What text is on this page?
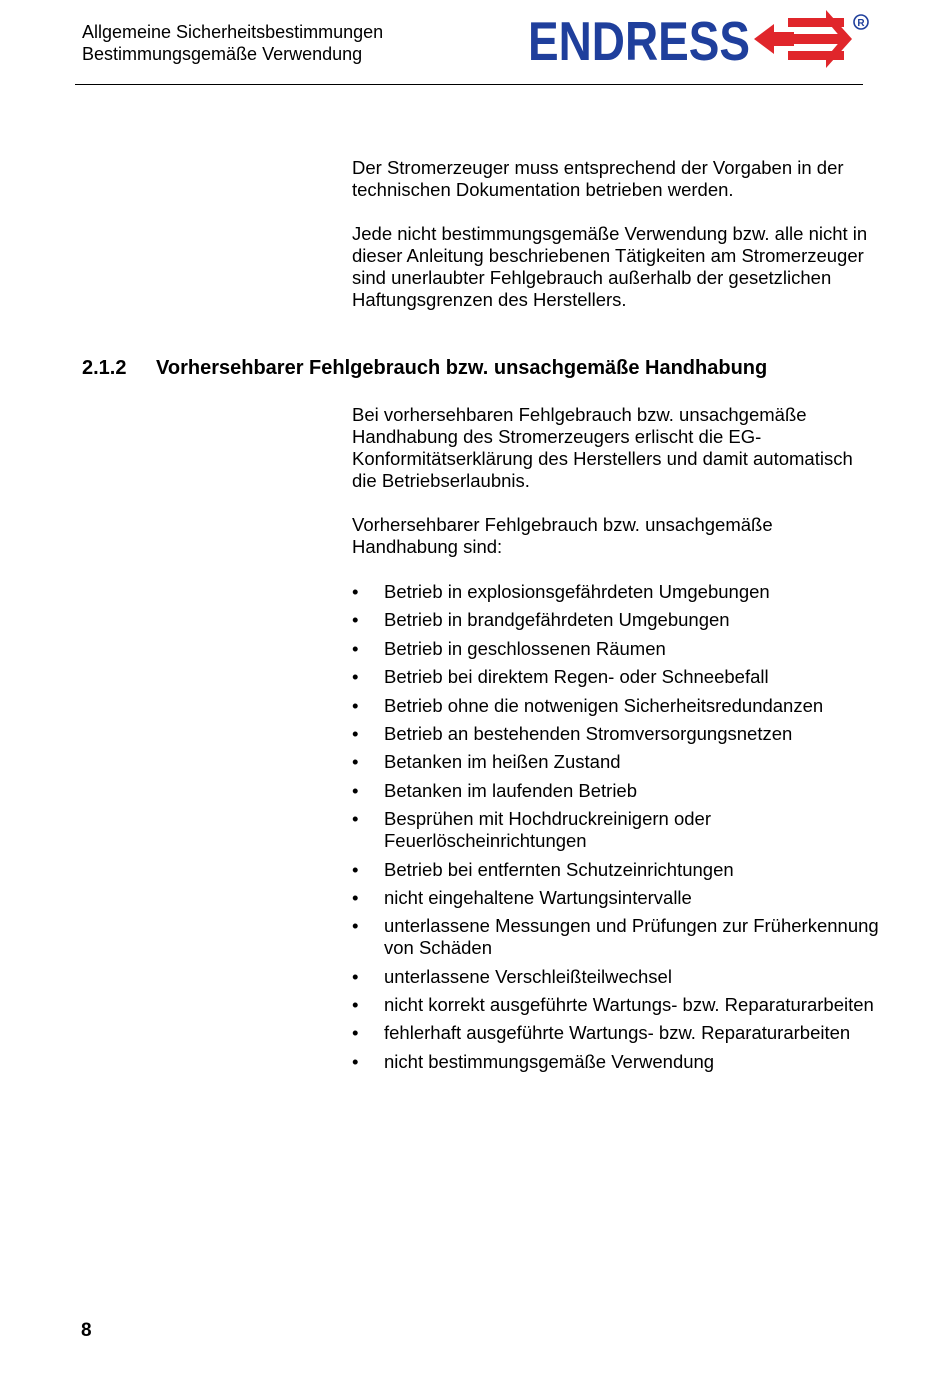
Allgemeine Sicherheitsbestimmungen
Bestimmungsgemäße Verwendung	ENDRESS	R

Der Stromerzeuger muss entsprechend der Vorgaben in der technischen Dokumentation betrieben werden.

Jede nicht bestimmungsgemäße Verwendung bzw. alle nicht in dieser Anleitung beschriebenen Tätigkeiten am Stromerzeuger sind unerlaubter Fehlgebrauch außerhalb der gesetzlichen Haftungsgrenzen des Herstellers.

2.1.2 Vorhersehbarer Fehlgebrauch bzw. unsachgemäße Handhabung

Bei vorhersehbaren Fehlgebrauch bzw. unsachgemäße Handhabung des Stromerzeugers erlischt die EG-Konformitätserklärung des Herstellers und damit automatisch die Betriebserlaubnis.

Vorhersehbarer Fehlgebrauch bzw. unsachgemäße Handhabung sind:

• Betrieb in explosionsgefährdeten Umgebungen
• Betrieb in brandgefährdeten Umgebungen
• Betrieb in geschlossenen Räumen
• Betrieb bei direktem Regen- oder Schneebefall
• Betrieb ohne die notwenigen Sicherheitsredundanzen
• Betrieb an bestehenden Stromversorgungsnetzen
• Betanken im heißen Zustand
• Betanken im laufenden Betrieb
• Besprühen mit Hochdruckreinigern oder Feuerlöscheinrichtungen
• Betrieb bei entfernten Schutzeinrichtungen
• nicht eingehaltene Wartungsintervalle
• unterlassene Messungen und Prüfungen zur Früherkennung von Schäden
• unterlassene Verschleißteilwechsel
• nicht korrekt ausgeführte Wartungs- bzw. Reparaturarbeiten
• fehlerhaft ausgeführte Wartungs- bzw. Reparaturarbeiten
• nicht bestimmungsgemäße Verwendung
8
